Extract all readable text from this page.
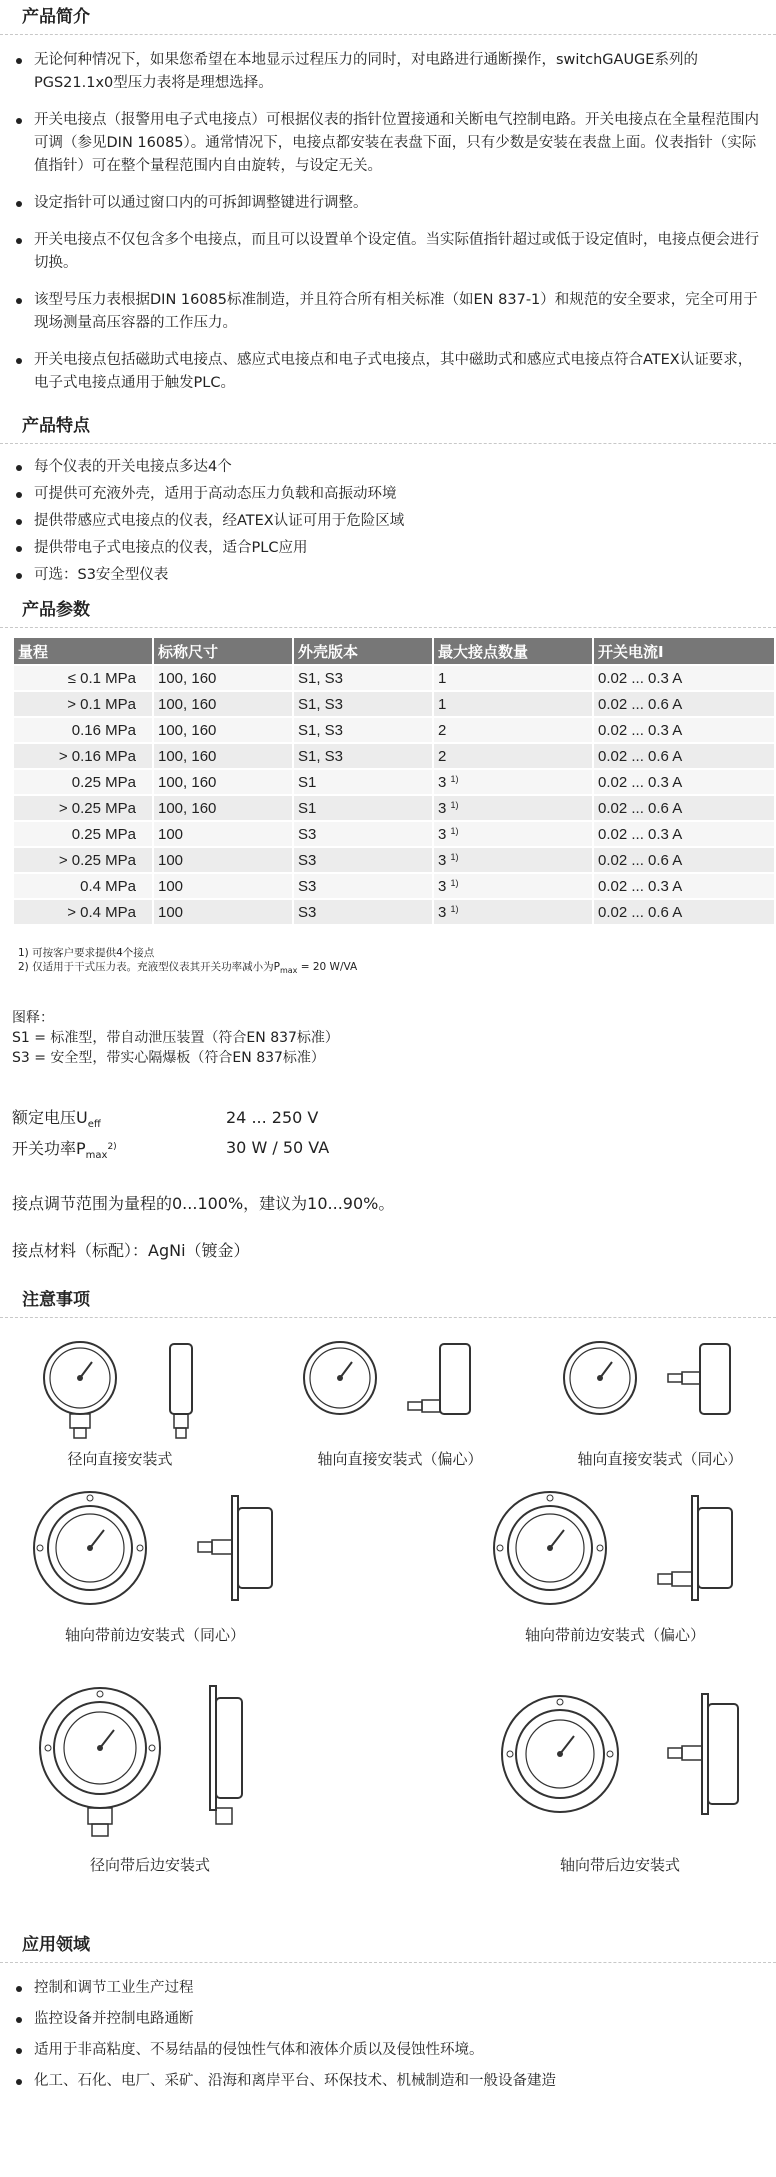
产品简介
无论何种情况下，如果您希望在本地显示过程压力的同时，对电路进行通断操作，switchGAUGE系列的PGS21.1x0型压力表将是理想选择。
开关电接点（报警用电子式电接点）可根据仪表的指针位置接通和关断电气控制电路。开关电接点在全量程范围内可调（参见DIN 16085）。通常情况下，电接点都安装在表盘下面，只有少数是安装在表盘上面。仪表指针（实际值指针）可在整个量程范围内自由旋转，与设定无关。
设定指针可以通过窗口内的可拆卸调整键进行调整。
开关电接点不仅包含多个电接点，而且可以设置单个设定值。当实际值指针超过或低于设定值时，电接点便会进行切换。
该型号压力表根据DIN 16085标准制造，并且符合所有相关标准（如EN 837-1）和规范的安全要求，完全可用于现场测量高压容器的工作压力。
开关电接点包括磁助式电接点、感应式电接点和电子式电接点，其中磁助式和感应式电接点符合ATEX认证要求，电子式电接点通用于触发PLC。
产品特点
每个仪表的开关电接点多达4个
可提供可充液外壳，适用于高动态压力负载和高振动环境
提供带感应式电接点的仪表，经ATEX认证可用于危险区域
提供带电子式电接点的仪表，适合PLC应用
可选：S3安全型仪表
产品参数
量程	标称尺寸	外壳版本	最大接点数量	开关电流I
≤ 0.1 MPa	100, 160	S1, S3	1	0.02 ... 0.3 A
> 0.1 MPa	100, 160	S1, S3	1	0.02 ... 0.6 A
0.16 MPa	100, 160	S1, S3	2	0.02 ... 0.3 A
> 0.16 MPa	100, 160	S1, S3	2	0.02 ... 0.6 A
0.25 MPa	100, 160	S1	3 $^{1)}$	0.02 ... 0.3 A
> 0.25 MPa	100, 160	S1	3 $^{1)}$	0.02 ... 0.6 A
0.25 MPa	100	S3	3 $^{1)}$	0.02 ... 0.3 A
> 0.25 MPa	100	S3	3 $^{1)}$	0.02 ... 0.6 A
0.4 MPa	100	S3	3 $^{1)}$	0.02 ... 0.3 A
> 0.4 MPa	100	S3	3 $^{1)}$	0.02 ... 0.6 A
1) 可按客户要求提供4个接点
2) 仅适用于干式压力表。充液型仪表其开关功率减小为$P_{max} = 20$ W/VA
图释：
S1 = 标准型，带自动泄压装置（符合EN 837标准）
S3 = 安全型，带实心隔爆板（符合EN 837标准）
额定电压$U_{eff}$	24 ... 250 V
开关功率$P_{max}^{2)}$	30 W / 50 VA
接点调节范围为量程的0...100%，建议为10...90%。
接点材料（标配）：AgNi（镀金）
注意事项
径向直接安装式	轴向直接安装式（偏心）	轴向直接安装式（同心）
轴向带前边安装式（同心）	轴向带前边安装式（偏心）
径向带后边安装式	轴向带后边安装式
应用领域
控制和调节工业生产过程
监控设备并控制电路通断
适用于非高粘度、不易结晶的侵蚀性气体和液体介质以及侵蚀性环境。
化工、石化、电厂、采矿、沿海和离岸平台、环保技术、机械制造和一般设备建造
